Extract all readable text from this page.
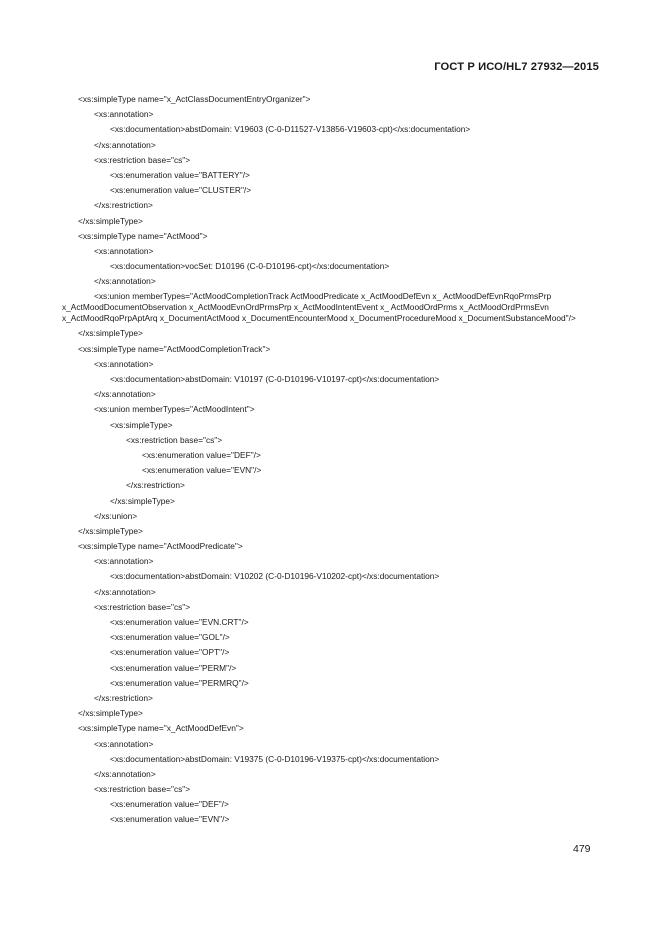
ГОСТ Р ИСО/HL7 27932—2015
<xs:simpleType name="x_ActClassDocumentEntryOrganizer">
<xs:annotation>
<xs:documentation>abstDomain: V19603 (C-0-D11527-V13856-V19603-cpt)</xs:documentation>
</xs:annotation>
<xs:restriction base="cs">
<xs:enumeration value="BATTERY"/>
<xs:enumeration value="CLUSTER"/>
</xs:restriction>
</xs:simpleType>
<xs:simpleType name="ActMood">
<xs:annotation>
<xs:documentation>vocSet: D10196 (C-0-D10196-cpt)</xs:documentation>
</xs:annotation>
<xs:union memberTypes="ActMoodCompletionTrack ActMoodPredicate x_ActMoodDefEvn x_ ActMoodDefEvnRqoPrmsPrp x_ActMoodDocumentObservation x_ActMoodEvnOrdPrmsPrp x_ActMoodIntentEvent x_ ActMoodOrdPrms x_ActMoodOrdPrmsEvn x_ActMoodRqoPrpAptArq x_DocumentActMood x_DocumentEncounterMood x_DocumentProcedureMood x_DocumentSubstanceMood"/>
</xs:simpleType>
<xs:simpleType name="ActMoodCompletionTrack">
<xs:annotation>
<xs:documentation>abstDomain: V10197 (C-0-D10196-V10197-cpt)</xs:documentation>
</xs:annotation>
<xs:union memberTypes="ActMoodIntent">
<xs:simpleType>
<xs:restriction base="cs">
<xs:enumeration value="DEF"/>
<xs:enumeration value="EVN"/>
</xs:restriction>
</xs:simpleType>
</xs:union>
</xs:simpleType>
<xs:simpleType name="ActMoodPredicate">
<xs:annotation>
<xs:documentation>abstDomain: V10202 (C-0-D10196-V10202-cpt)</xs:documentation>
</xs:annotation>
<xs:restriction base="cs">
<xs:enumeration value="EVN.CRT"/>
<xs:enumeration value="GOL"/>
<xs:enumeration value="OPT"/>
<xs:enumeration value="PERM"/>
<xs:enumeration value="PERMRQ"/>
</xs:restriction>
</xs:simpleType>
<xs:simpleType name="x_ActMoodDefEvn">
<xs:annotation>
<xs:documentation>abstDomain: V19375 (C-0-D10196-V19375-cpt)</xs:documentation>
</xs:annotation>
<xs:restriction base="cs">
<xs:enumeration value="DEF"/>
<xs:enumeration value="EVN"/>
479
